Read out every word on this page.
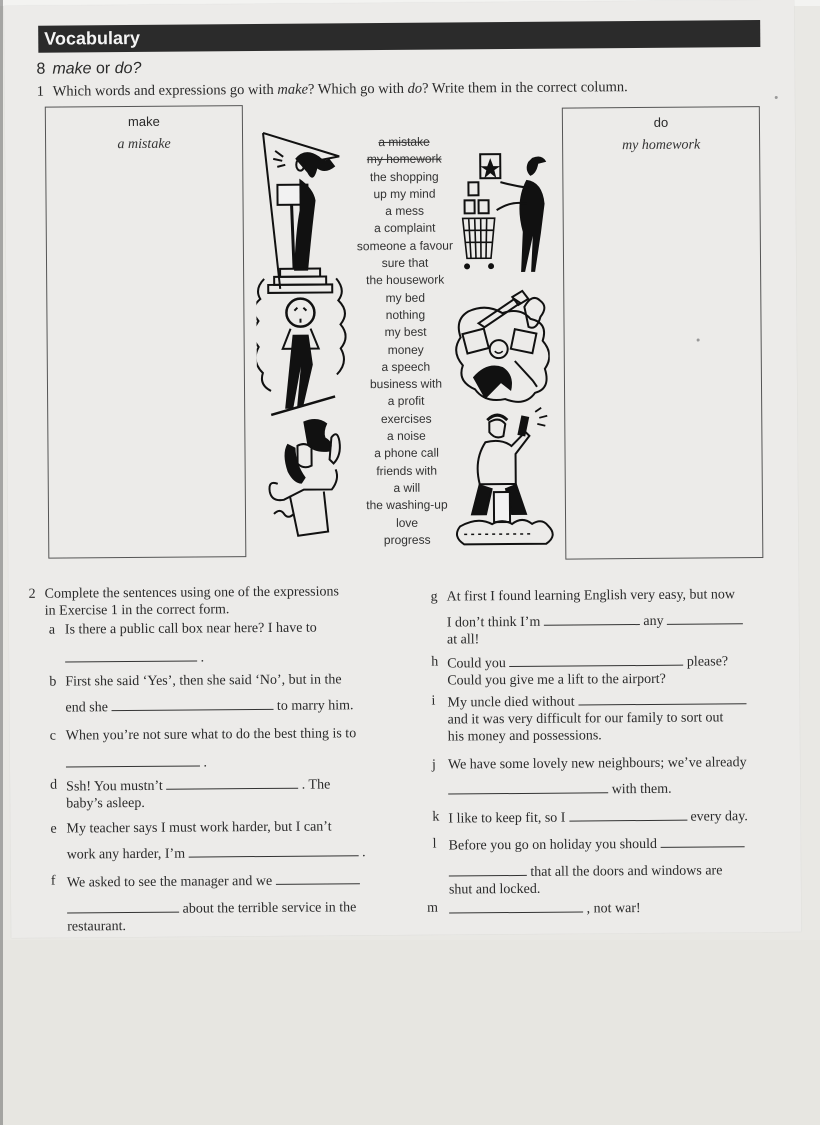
Vocabulary
8 make or do?
1 Which words and expressions go with make? Which go with do? Write them in the correct column.
make
a mistake
do
my homework
a mistake
my homework
the shopping
up my mind
a mess
a complaint
someone a favour
sure that
the housework
my bed
nothing
my best
money
a speech
business with
a profit
exercises
a noise
a phone call
friends with
a will
the washing-up
love
progress
2 Complete the sentences using one of the expressions
in Exercise 1 in the correct form.
a Is there a public call box near here? I have to
.
b First she said ‘Yes’, then she said ‘No’, but in the
end she	to marry him.
c When you’re not sure what to do the best thing is to
.
d Ssh! You mustn’t	. The
baby’s asleep.
e My teacher says I must work harder, but I can’t
work any harder, I’m	.
f We asked to see the manager and we
about the terrible service in the
restaurant.
g At first I found learning English very easy, but now
I don’t think I’m	any
at all!
h Could you	please?
Could you give me a lift to the airport?
i My uncle died without
and it was very difficult for our family to sort out
his money and possessions.
j We have some lovely new neighbours; we’ve already
with them.
k I like to keep fit, so I	every day.
l Before you go on holiday you should
that all the doors and windows are
shut and locked.
m	, not war!
